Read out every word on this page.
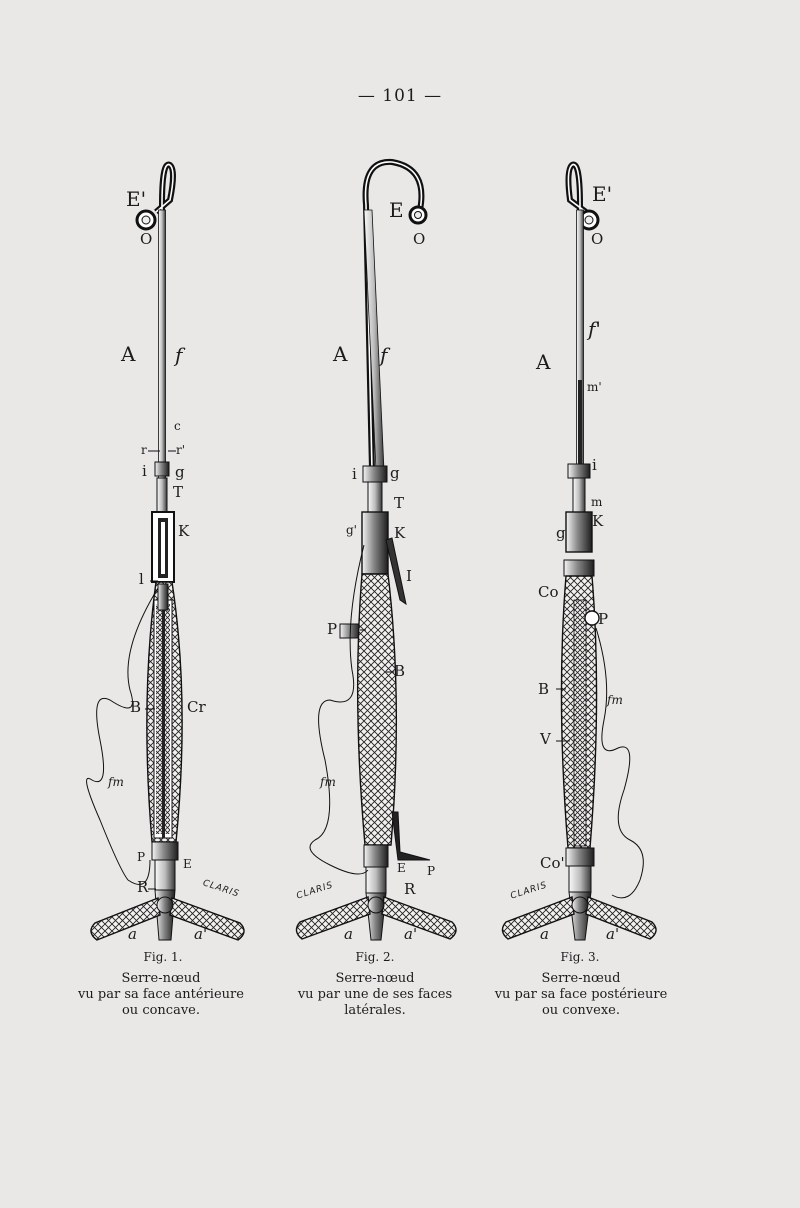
— 101 —
E'
O
A f
c
r r'
i g
T
K
l
B	Cr
fm
P	E
R
a	a'
CLARIS
E
O
A f
i g
T
g' K
I
P
B
fm
E P
R
a	a'
CLARIS
E'
O
f'
A
m'
i
m
g
K
Co
P
B
fm
V
Co'
a	a'
CLARIS
Fig. 1.	Fig. 2.	Fig. 3.
Serre-nœud
vu par sa face antérieure
ou concave.
Serre-nœud
vu par une de ses faces
latérales.
Serre-nœud
vu par sa face postérieure
ou convexe.
